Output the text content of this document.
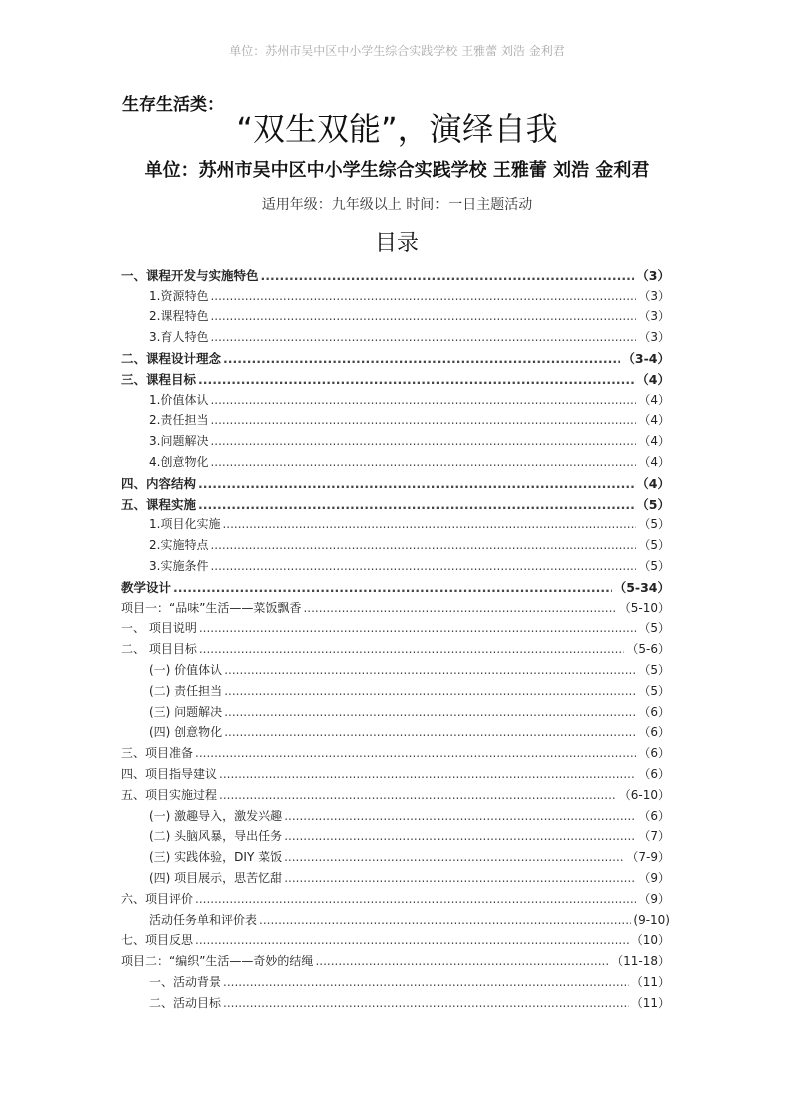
单位：苏州市吴中区中小学生综合实践学校 王雅蕾 刘浩 金利君
生存生活类：
“双生双能”，演绎自我
单位：苏州市吴中区中小学生综合实践学校 王雅蕾 刘浩 金利君
适用年级：九年级以上 时间：一日主题活动
目录
一、课程开发与实施特色 .....	（3）
1.资源特色 .....	（3）
2.课程特色 .....	（3）
3.育人特色 .....	（3）
二、课程设计理念 .....	（3-4）
三、课程目标 .....	（4）
1.价值体认 .....	（4）
2.责任担当 .....	（4）
3.问题解决 .....	（4）
4.创意物化 .....	（4）
四、内容结构 .....	（4）
五、课程实施 .....	（5）
1.项目化实施 .....	（5）
2.实施特点 .....	（5）
3.实施条件 .....	（5）
教学设计 .....	（5-34）
项目一：“品味”生活——菜饭飘香 .....	（5-10）
一、 项目说明 .....	（5）
二、 项目目标 .....	（5-6）
(一) 价值体认 .....	（5）
(二) 责任担当 .....	（5）
(三) 问题解决 .....	（6）
(四) 创意物化 .....	（6）
三、项目准备 .....	（6）
四、项目指导建议 .....	（6）
五、项目实施过程 .....	（6-10）
(一) 激趣导入，激发兴趣 .....	（6）
(二) 头脑风暴，导出任务 .....	（7）
(三) 实践体验，DIY 菜饭 .....	（7-9）
(四) 项目展示，思苦忆甜 .....	（9）
六、项目评价 .....	（9）
活动任务单和评价表 .....	(9-10)
七、项目反思 .....	（10）
项目二：“编织”生活——奇妙的结绳 .....	（11-18）
一、活动背景 .....	（11）
二、活动目标 .....	（11）
